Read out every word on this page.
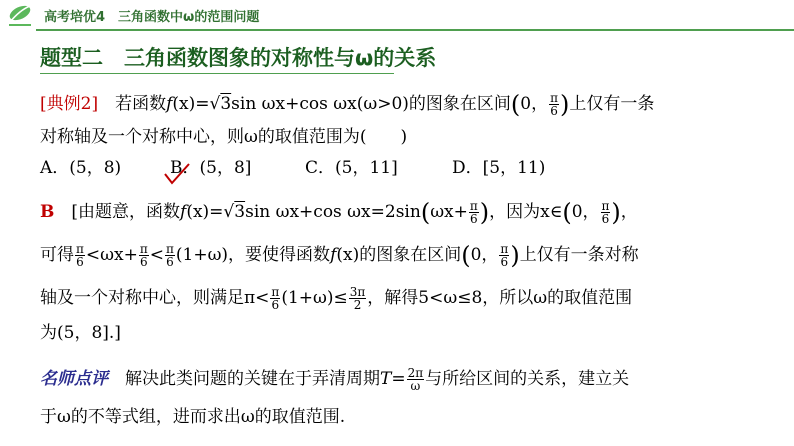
高考培优4　三角函数中ω的范围问题
题型二　三角函数图象的对称性与ω的关系
[典例2]　 若函数f(x)=√3sin ωx+cos ωx(ω>0)的图象在区间(0， $\frac{\pi}{6}$ )上仅有一条
对称轴及一个对称中心，则ω的取值范围为(　　)
A．(5，8)	B．(5，8]	C．(5，11]	D．[5，11)
B　 [由题意，函数f(x)=√3sin ωx+cos $\omega x=2\sin(\omega x+ \frac{\pi}{6}$ )，因为x∈(0， $\frac{\pi}{6}$ )，
可得 $\frac{\pi}{6} <\omega x+ \frac{\pi}{6} < \frac{\pi}{6} (1+\omega)$，要使得函数f(x)的图象在区间(0， $\frac{\pi}{6}$ )上仅有一条对称
轴及一个对称中心，则满足$\pi< \frac{\pi}{6} (1+\omega)\le \frac{3\pi}{2}$ ，解得5<ω≤8，所以ω的取值范围
为(5，8].]
名师点评　解决此类问题的关键在于弄清周期$T= \frac{2\pi}{\omega}$ 与所给区间的关系，建立关
于ω的不等式组，进而求出ω的取值范围.
